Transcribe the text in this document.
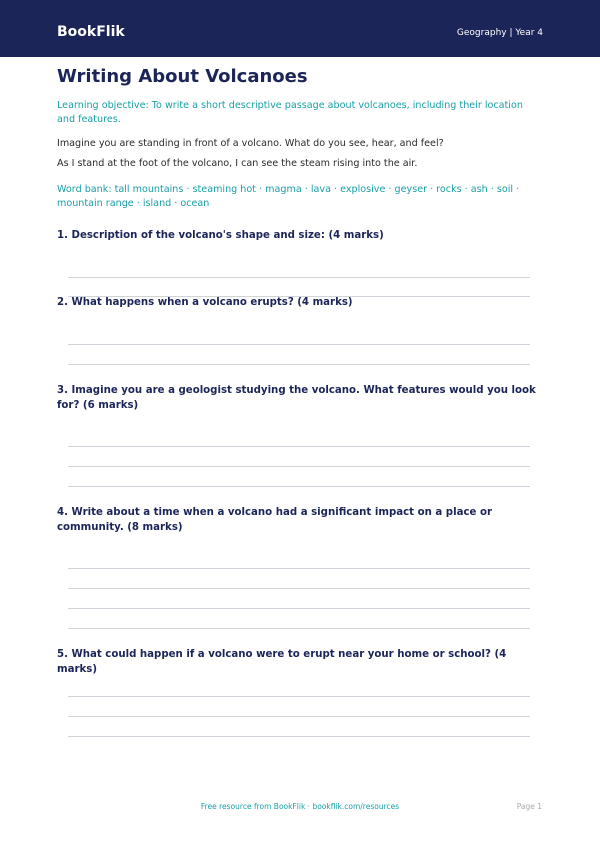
BookFlik	Geography | Year 4
Writing About Volcanoes

Learning objective: To write a short descriptive passage about volcanoes, including their location and features.

Imagine you are standing in front of a volcano. What do you see, hear, and feel?

As I stand at the foot of the volcano, I can see the steam rising into the air.

Word bank: tall mountains · steaming hot · magma · lava · explosive · geyser · rocks · ash · soil · mountain range · island · ocean

1. Description of the volcano's shape and size: (4 marks)

2. What happens when a volcano erupts? (4 marks)

3. Imagine you are a geologist studying the volcano. What features would you look for? (6 marks)

4. Write about a time when a volcano had a significant impact on a place or community. (8 marks)

5. What could happen if a volcano were to erupt near your home or school? (4 marks)

Free resource from BookFlik · bookflik.com/resources	Page 1
